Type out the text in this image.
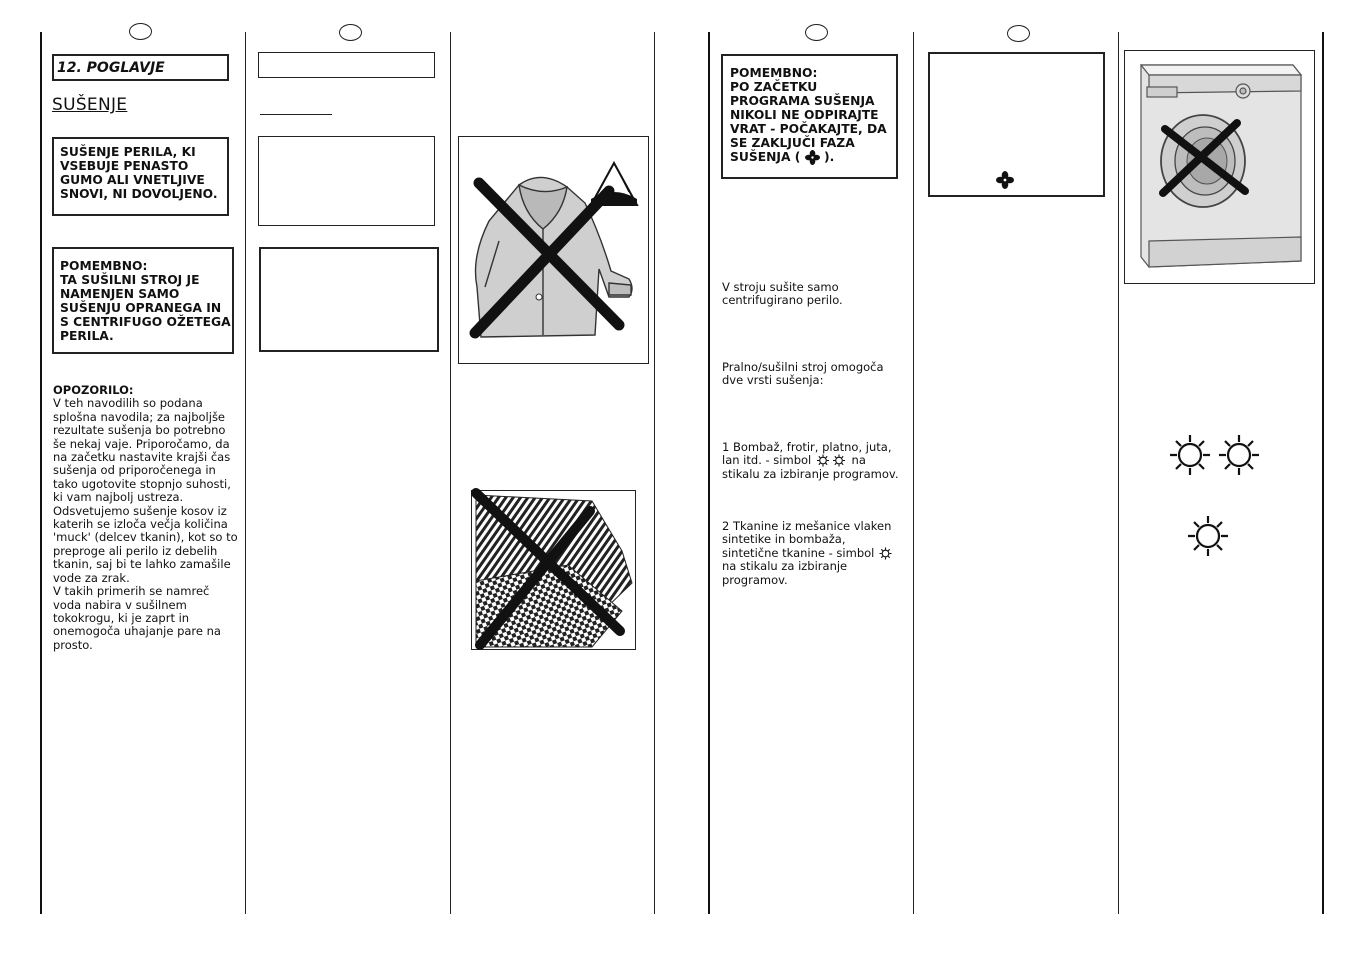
12. POGLAVJE
SUŠENJE
SUŠENJE PERILA, KI VSEBUJE PENASTO GUMO ALI VNETLJIVE SNOVI, NI DOVOLJENO.
POMEMBNO:
TA SUŠILNI STROJ JE NAMENJEN SAMO SUŠENJU OPRANEGA IN S CENTRIFUGO OŽETEGA PERILA.
OPOZORILO:
V teh navodilih so podana splošna navodila; za najboljše rezultate sušenja bo potrebno še nekaj vaje. Priporočamo, da na začetku nastavite krajši čas sušenja od priporočenega in tako ugotovite stopnjo suhosti, ki vam najbolj ustreza. Odsvetujemo sušenje kosov iz katerih se izloča večja količina 'muck' (delcev tkanin), kot so to preproge ali perilo iz debelih tkanin, saj bi te lahko zamašile vode za zrak.
V takih primerih se namreč voda nabira v sušilnem tokokrogu, ki je zaprt in onemogoča uhajanje pare na prosto.
POMEMBNO:
PO ZAČETKU PROGRAMA SUŠENJA NIKOLI NE ODPIRAJTE VRAT - POČAKAJTE, DA SE ZAKLJUČI FAZA
SUŠENJA ( ).
V stroju sušite samo centrifugirano perilo.
Pralno/sušilni stroj omogoča dve vrsti sušenja:
1 Bombaž, frotir, platno, juta, lan itd. - simbol	na stikalu za izbiranje programov.
2 Tkanine iz mešanice vlaken sintetike in bombaža, sintetične tkanine - simbol  na stikalu za izbiranje programov.
